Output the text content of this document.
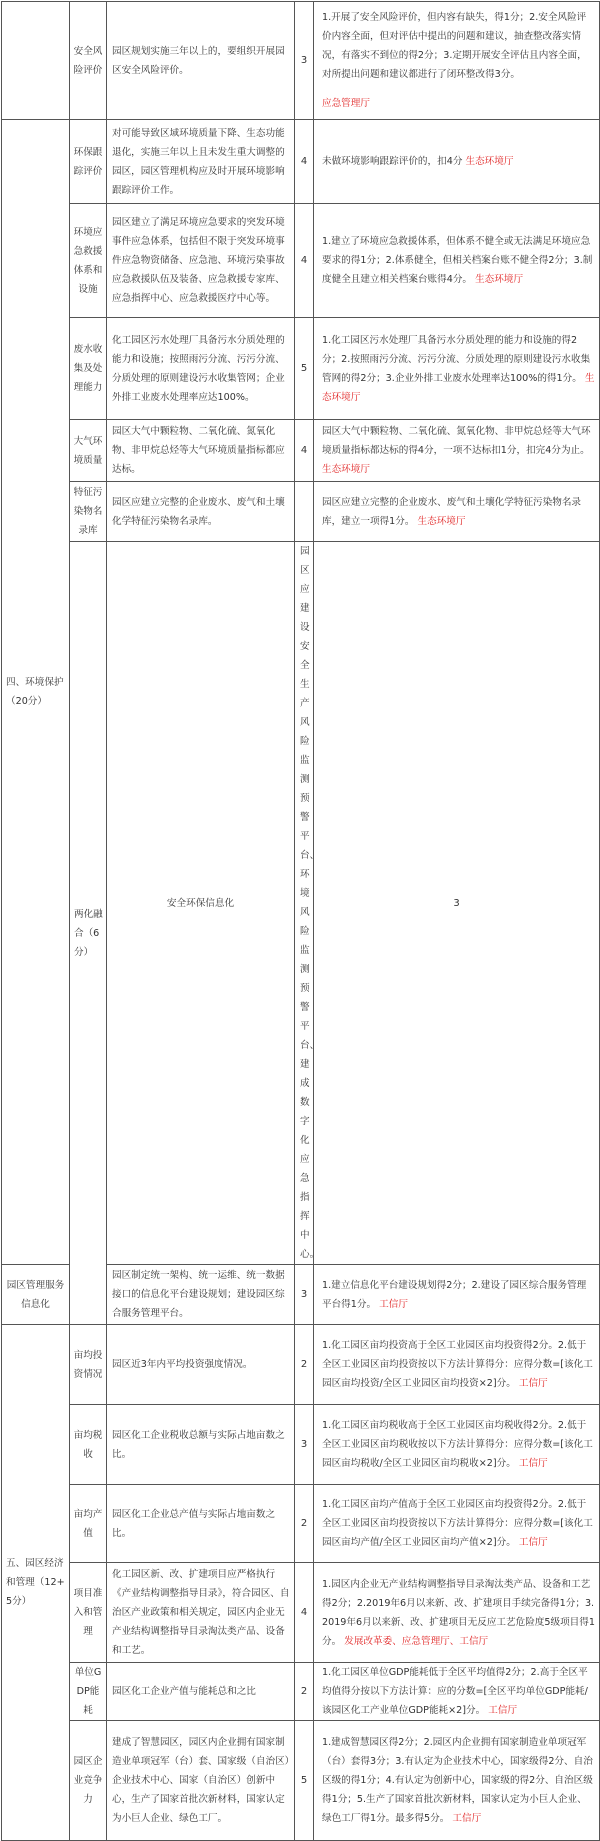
	安全风险评价	园区规划实施三年以上的，要组织开展园区安全风险评价。	3	1.开展了安全风险评价，但内容有缺失，得1分；2.安全风险评价内容全面，但对评估中提出的问题和建议，抽查整改落实情况，有落实不到位的得2分；3.定期开展安全评估且内容全面，对所提出问题和建议都进行了闭环整改得3分。
应急管理厅	
四、环境保护（20分）	环保跟踪评价	对可能导致区域环境质量下降、生态功能退化，实施三年以上且未发生重大调整的园区，园区管理机构应及时开展环境影响跟踪评价工作。	4	未做环境影响跟踪评价的，扣4分 生态环境厅	
	环境应急救援体系和设施	园区建立了满足环境应急要求的突发环境事件应急体系，包括但不限于突发环境事件应急物资储备、应急池、环境污染事故应急救援队伍及装备、应急救援专家库、应急指挥中心、应急救援医疗中心等。	4	1.建立了环境应急救援体系，但体系不健全或无法满足环境应急要求的得1分；2.体系健全，但相关档案台账不健全得2分；3.制度健全且建立相关档案台账得4分。 生态环境厅	
	废水收集及处理能力	化工园区污水处理厂具备污水分质处理的能力和设施；按照雨污分流、污污分流、分质处理的原则建设污水收集管网；企业外排工业废水处理率应达100%。	5	1.化工园区污水处理厂具备污水分质处理的能力和设施的得2分；2.按照雨污分流、污污分流、分质处理的原则建设污水收集管网的得2分；3.企业外排工业废水处理率达100%的得1分。 生态环境厅	
	大气环境质量	园区大气中颗粒物、二氧化硫、氮氧化物、非甲烷总烃等大气环境质量指标都应达标。	4	园区大气中颗粒物、二氧化硫、氮氧化物、非甲烷总烃等大气环境质量指标都达标的得4分，一项不达标扣1分，扣完4分为止。 生态环境厅	
	特征污染物名录库	园区应建立完整的企业废水、废气和土壤化学特征污染物名录库。		园区应建立完整的企业废水、废气和土壤化学特征污染物名录库，建立一项得1分。 生态环境厅	
	两化融合（6分）	安全环保信息化	园区应建设安全生产风险监测预警平台、环境风险监测预警平台、建成数字化应急指挥中心。	3	

园区管理服务信息化		园区制定统一架构、统一运维、统一数据接口的信息化平台建设规划；建设园区综合服务管理平台。	3	1.建立信息化平台建设规划得2分；2.建设了园区综合服务管理平台得1分。 工信厅	
五、园区经济和管理（12+5分）	亩均投资情况	园区近3年内平均投资强度情况。	2	1.化工园区亩均投资高于全区工业园区亩均投资得2分。2.低于全区工业园区亩均投资按以下方法计算得分：应得分数=[该化工园区亩均投资/全区工业园区亩均投资×2]分。 工信厅	
	亩均税收	园区化工企业税收总额与实际占地亩数之比。	3	1.化工园区亩均税收高于全区工业园区亩均税收得2分。2.低于全区工业园区亩均税收按以下方法计算得分：应得分数=[该化工园区亩均税收/全区工业园区亩均税收×2]分。 工信厅	
	亩均产值	园区化工企业总产值与实际占地亩数之比。	2	1.化工园区亩均产值高于全区工业园区亩均投资得2分。2.低于全区工业园区亩均投资按以下方法计算得分：应得分数=[该化工园区亩均产值/全区工业园区亩均产值×2]分。 工信厅	
	项目准入和管理	化工园区新、改、扩建项目应严格执行《产业结构调整指导目录》，符合园区、自治区产业政策和相关规定，园区内企业无产业结构调整指导目录淘汰类产品、设备和工艺。	4	1.园区内企业无产业结构调整指导目录淘汰类产品、设备和工艺得2分；2.2019年6月以来新、改、扩建项目手续完备得1分；3.2019年6月以来新、改、扩建项目无反应工艺危险度5级项目得1分。 发展改革委、应急管理厅、工信厅	
	单位GDP能耗	园区化工企业产值与能耗总和之比	2	1.化工园区单位GDP能耗低于全区平均值得2分；2.高于全区平均值得分按以下方法计算：应的分数=[全区平均单位GDP能耗/该园区化工产业单位GDP能耗×2]分。 工信厅	
	园区企业竞争力	建成了智慧园区，园区内企业拥有国家制造业单项冠军（台）套、国家级（自治区）企业技术中心、国家（自治区）创新中心，生产了国家首批次新材料，国家认定为小巨人企业、绿色工厂。	5	1.建成智慧园区得2分；2.园区内企业拥有国家制造业单项冠军（台）套得3分；3.有认定为企业技术中心，国家级得2分、自治区级的得1分；4.有认定为创新中心，国家级的得2分、自治区级得1分；5.生产了国家首批次新材料，国家认定为小巨人企业、绿色工厂得1分。最多得5分。 工信厅	
